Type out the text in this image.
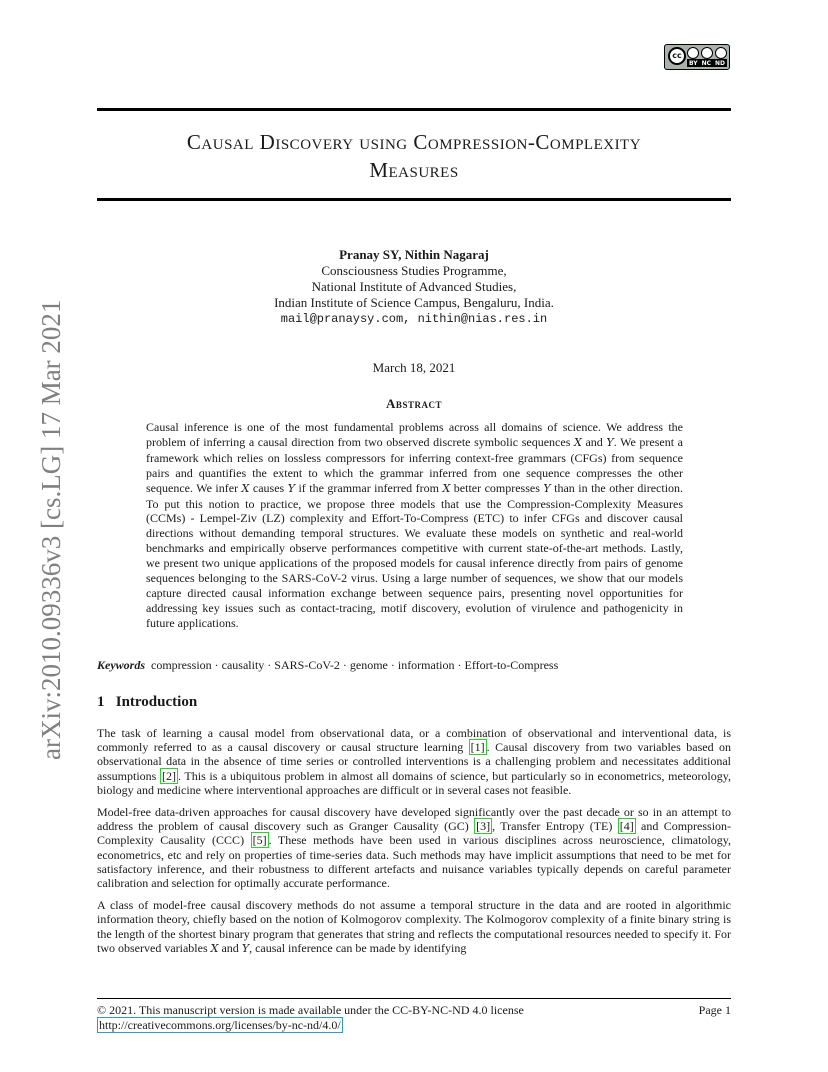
cc
BY NC ND
Causal Discovery using Compression-Complexity
Measures
Pranay SY, Nithin Nagaraj
Consciousness Studies Programme,
National Institute of Advanced Studies,
Indian Institute of Science Campus, Bengaluru, India.
mail@pranaysy.com, nithin@nias.res.in
March 18, 2021
Abstract
Causal inference is one of the most fundamental problems across all domains of science. We address the problem of inferring a causal direction from two observed discrete symbolic sequences X and Y. We present a framework which relies on lossless compressors for inferring context-free grammars (CFGs) from sequence pairs and quantifies the extent to which the grammar inferred from one sequence compresses the other sequence. We infer X causes Y if the grammar inferred from X better compresses Y than in the other direction. To put this notion to practice, we propose three models that use the Compression-Complexity Measures (CCMs) - Lempel-Ziv (LZ) complexity and Effort-To-Compress (ETC) to infer CFGs and discover causal directions without demanding temporal structures. We evaluate these models on synthetic and real-world benchmarks and empirically observe performances competitive with current state-of-the-art methods. Lastly, we present two unique applications of the proposed models for causal inference directly from pairs of genome sequences belonging to the SARS-CoV-2 virus. Using a large number of sequences, we show that our models capture directed causal information exchange between sequence pairs, presenting novel opportunities for addressing key issues such as contact-tracing, motif discovery, evolution of virulence and pathogenicity in future applications.
Keywords compression · causality · SARS-CoV-2 · genome · information · Effort-to-Compress
1 Introduction

The task of learning a causal model from observational data, or a combination of observational and interventional data, is commonly referred to as a causal discovery or causal structure learning [1] . Causal discovery from two variables based on observational data in the absence of time series or controlled interventions is a challenging problem and necessitates additional assumptions [2] . This is a ubiquitous problem in almost all domains of science, but particularly so in econometrics, meteorology, biology and medicine where interventional approaches are difficult or in several cases not feasible.

Model-free data-driven approaches for causal discovery have developed significantly over the past decade or so in an attempt to address the problem of causal discovery such as Granger Causality (GC) [3] , Transfer Entropy (TE) [4] and Compression-Complexity Causality (CCC) [5] . These methods have been used in various disciplines across neuroscience, climatology, econometrics, etc and rely on properties of time-series data. Such methods may have implicit assumptions that need to be met for satisfactory inference, and their robustness to different artefacts and nuisance variables typically depends on careful parameter calibration and selection for optimally accurate performance.

A class of model-free causal discovery methods do not assume a temporal structure in the data and are rooted in algorithmic information theory, chiefly based on the notion of Kolmogorov complexity. The Kolmogorov complexity of a finite binary string is the length of the shortest binary program that generates that string and reflects the computational resources needed to specify it. For two observed variables X and Y, causal inference can be made by identifying

arXiv:2010.09336v3 [cs.LG] 17 Mar 2021
© 2021. This manuscript version is made available under the CC-BY-NC-ND 4.0 license
http://creativecommons.org/licenses/by-nc-nd/4.0/
Page 1
